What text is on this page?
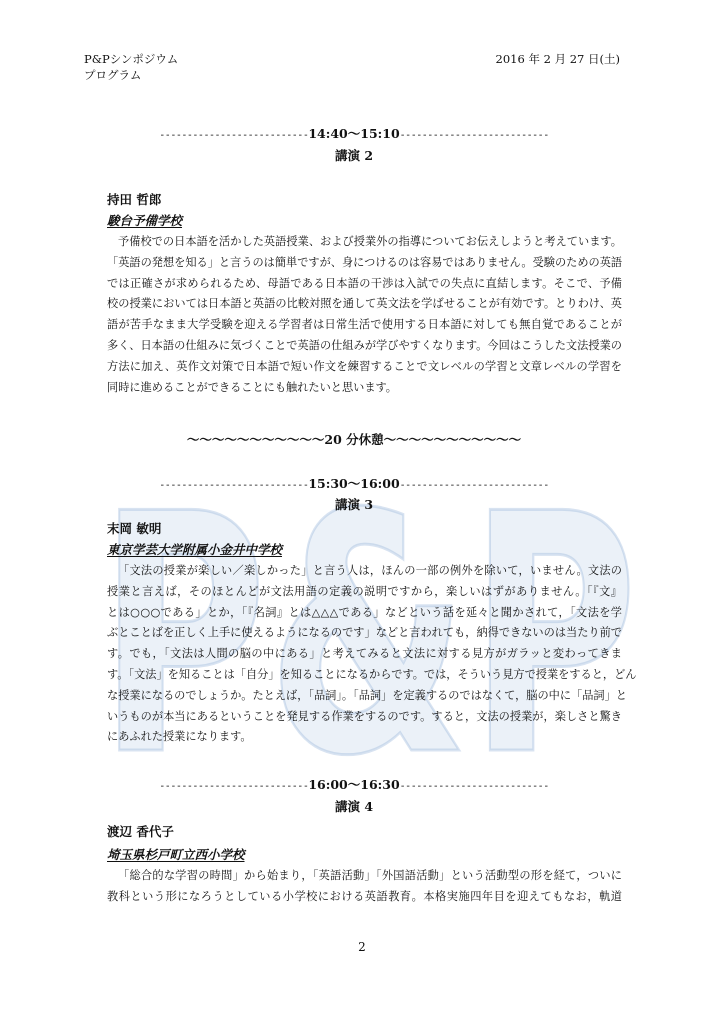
P&P
P&Pシンポジウム
プログラム
2016 年 2 月 27 日(土)
---------------------------14:40～15:10---------------------------
講演 2
持田 哲郎
駿台予備学校
予備校での日本語を活かした英語授業、および授業外の指導についてお伝えしようと考えています。
「英語の発想を知る」と言うのは簡単ですが、身につけるのは容易ではありません。受験のための英語
では正確さが求められるため、母語である日本語の干渉は入試での失点に直結します。そこで、予備
校の授業においては日本語と英語の比較対照を通して英文法を学ばせることが有効です。とりわけ、英
語が苦手なまま大学受験を迎える学習者は日常生活で使用する日本語に対しても無自覚であることが
多く、日本語の仕組みに気づくことで英語の仕組みが学びやすくなります。今回はこうした文法授業の
方法に加え、英作文対策で日本語で短い作文を練習することで文レベルの学習と文章レベルの学習を
同時に進めることができることにも触れたいと思います。
～～～～～～～～～～～20 分休憩～～～～～～～～～～～
---------------------------15:30～16:00---------------------------
講演 3
末岡 敏明
東京学芸大学附属小金井中学校
「文法の授業が楽しい／楽しかった」と言う人は，ほんの一部の例外を除いて，いません。文法の
授業と言えば，そのほとんどが文法用語の定義の説明ですから，楽しいはずがありません。「『文』
とは○○○である」とか，「『名詞』とは△△△である」などという話を延々と聞かされて，「文法を学
ぶとことばを正しく上手に使えるようになるのです」などと言われても，納得できないのは当たり前で
す。でも，「文法は人間の脳の中にある」と考えてみると文法に対する見方がガラッと変わってきま
す。「文法」を知ることは「自分」を知ることになるからです。では，そういう見方で授業をすると，どん
な授業になるのでしょうか。たとえば，「品詞」。「品詞」を定義するのではなくて，脳の中に「品詞」と
いうものが本当にあるということを発見する作業をするのです。すると，文法の授業が，楽しさと驚き
にあふれた授業になります。
---------------------------16:00～16:30---------------------------
講演 4
渡辺 香代子
埼玉県杉戸町立西小学校
「総合的な学習の時間」から始まり，「英語活動」「外国語活動」という活動型の形を経て，ついに
教科という形になろうとしている小学校における英語教育。本格実施四年目を迎えてもなお，軌道
2
